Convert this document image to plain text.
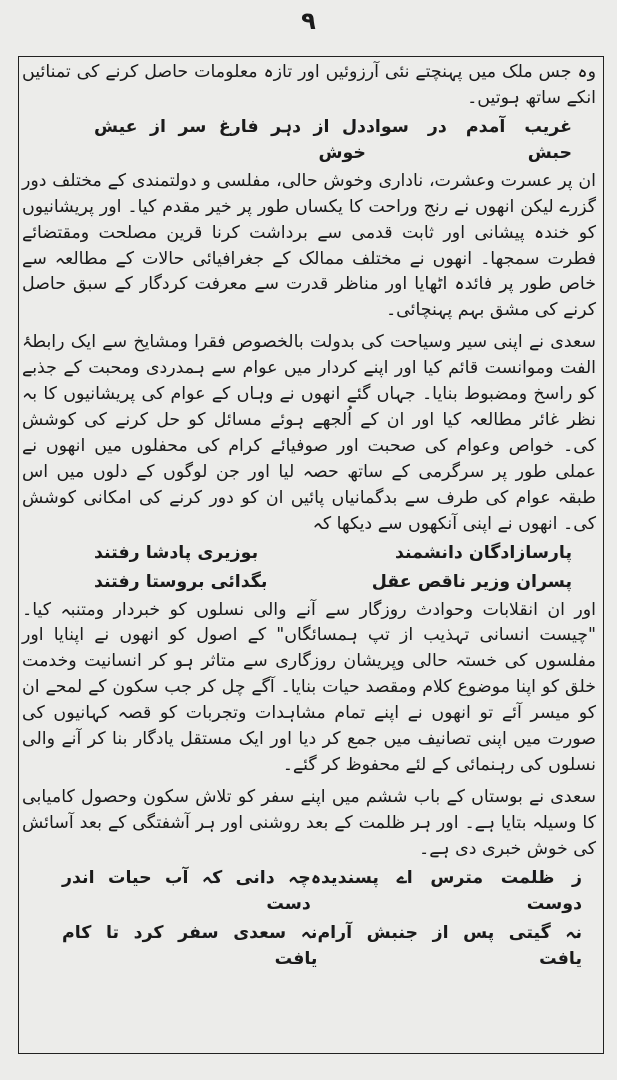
۹

وہ جس ملک میں پہنچتے نئی آرزوئیں اور تازہ معلومات حاصل کرنے کی تمنائیں انکے ساتھ ہوتیں۔

غریب آمدم در سواد حبش
دل از دہر فارغ سر از عیش خوش

ان پر عسرت وعشرت، ناداری وخوش حالی، مفلسی و دولتمندی کے مختلف دور گزرے لیکن انھوں نے رنج وراحت کا یکساں طور پر خیر مقدم کیا۔ اور پریشانیوں کو خندہ پیشانی اور ثابت قدمی سے برداشت کرنا قرین مصلحت ومقتضائے فطرت سمجھا۔ انھوں نے مختلف ممالک کے جغرافیائی حالات کے مطالعہ سے خاص طور پر فائدہ اٹھایا اور مناظر قدرت سے معرفت کردگار کے سبق حاصل کرنے کی مشق بہم پہنچائی۔

سعدی نے اپنی سیر وسیاحت کی بدولت بالخصوص فقرا ومشایخ سے ایک رابطۂ الفت وموانست قائم کیا اور اپنے کردار میں عوام سے ہمدردی ومحبت کے جذبے کو راسخ ومضبوط بنایا۔ جہاں گئے انھوں نے وہاں کے عوام کی پریشانیوں کا بہ نظر غائر مطالعہ کیا اور ان کے اُلجھے ہوئے مسائل کو حل کرنے کی کوشش کی۔ خواص وعوام کی صحبت اور صوفیائے کرام کی محفلوں میں انھوں نے عملی طور پر سرگرمی کے ساتھ حصہ لیا اور جن لوگوں کے دلوں میں اس طبقہ عوام کی طرف سے بدگمانیاں پائیں ان کو دور کرنے کی امکانی کوشش کی۔ انھوں نے اپنی آنکھوں سے دیکھا کہ

پارسازادگان دانشمند
بوزیری پادشا رفتند
پسران وزیر ناقص عقل
بگدائی بروستا رفتند

اور ان انقلابات وحوادث روزگار سے آنے والی نسلوں کو خبردار ومتنبہ کیا۔ "چیست انسانی تہذیب از تپ ہمسائگاں" کے اصول کو انھوں نے اپنایا اور مفلسوں کی خستہ حالی وپریشان روزگاری سے متاثر ہو کر انسانیت وخدمت خلق کو اپنا موضوع کلام ومقصد حیات بنایا۔ آگے چل کر جب سکون کے لمحے ان کو میسر آئے تو انھوں نے اپنے تمام مشاہدات وتجربات کو قصہ کہانیوں کی صورت میں اپنی تصانیف میں جمع کر دیا اور ایک مستقل یادگار بنا کر آنے والی نسلوں کی رہنمائی کے لئے محفوظ کر گئے۔

سعدی نے بوستاں کے باب ششم میں اپنے سفر کو تلاش سکون وحصول کامیابی کا وسیلہ بتایا ہے۔ اور ہر ظلمت کے بعد روشنی اور ہر آشفتگی کے بعد آسائش کی خوش خبری دی ہے۔

ز ظلمت مترس اے پسندیدہ دوست
چہ دانی کہ آب حیات اندر دست
نہ گیتی پس از جنبش آرام یافت
نہ سعدی سفر کرد تا کام یافت
